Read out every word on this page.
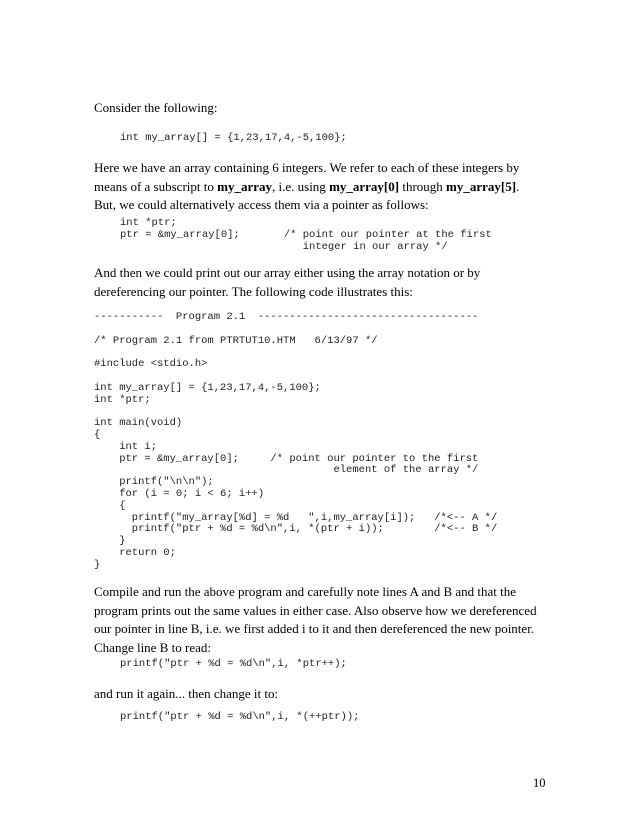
Consider the following:

int my_array[] = {1,23,17,4,-5,100};

Here we have an array containing 6 integers. We refer to each of these integers by means of a subscript to my_array, i.e. using my_array[0] through my_array[5]. But, we could alternatively access them via a pointer as follows:

int *ptr;
ptr = &my_array[0];       /* point our pointer at the first
integer in our array */

And then we could print out our array either using the array notation or by dereferencing our pointer. The following code illustrates this:

-----------  Program 2.1  -----------------------------------

/* Program 2.1 from PTRTUT10.HTM   6/13/97 */

#include <stdio.h>

int my_array[] = {1,23,17,4,-5,100};
int *ptr;

int main(void)
{
int i;
ptr = &my_array[0];     /* point our pointer to the first
element of the array */
printf("\n\n");
for (i = 0; i < 6; i++)
{
printf("my_array[%d] = %d   ",i,my_array[i]);   /*<-- A */
printf("ptr + %d = %d\n",i, *(ptr + i));        /*<-- B */
}
return 0;
}

Compile and run the above program and carefully note lines A and B and that the program prints out the same values in either case. Also observe how we dereferenced our pointer in line B, i.e. we first added i to it and then dereferenced the new pointer. Change line B to read:

printf("ptr + %d = %d\n",i, *ptr++);

and run it again... then change it to:

printf("ptr + %d = %d\n",i, *(++ptr));
10
